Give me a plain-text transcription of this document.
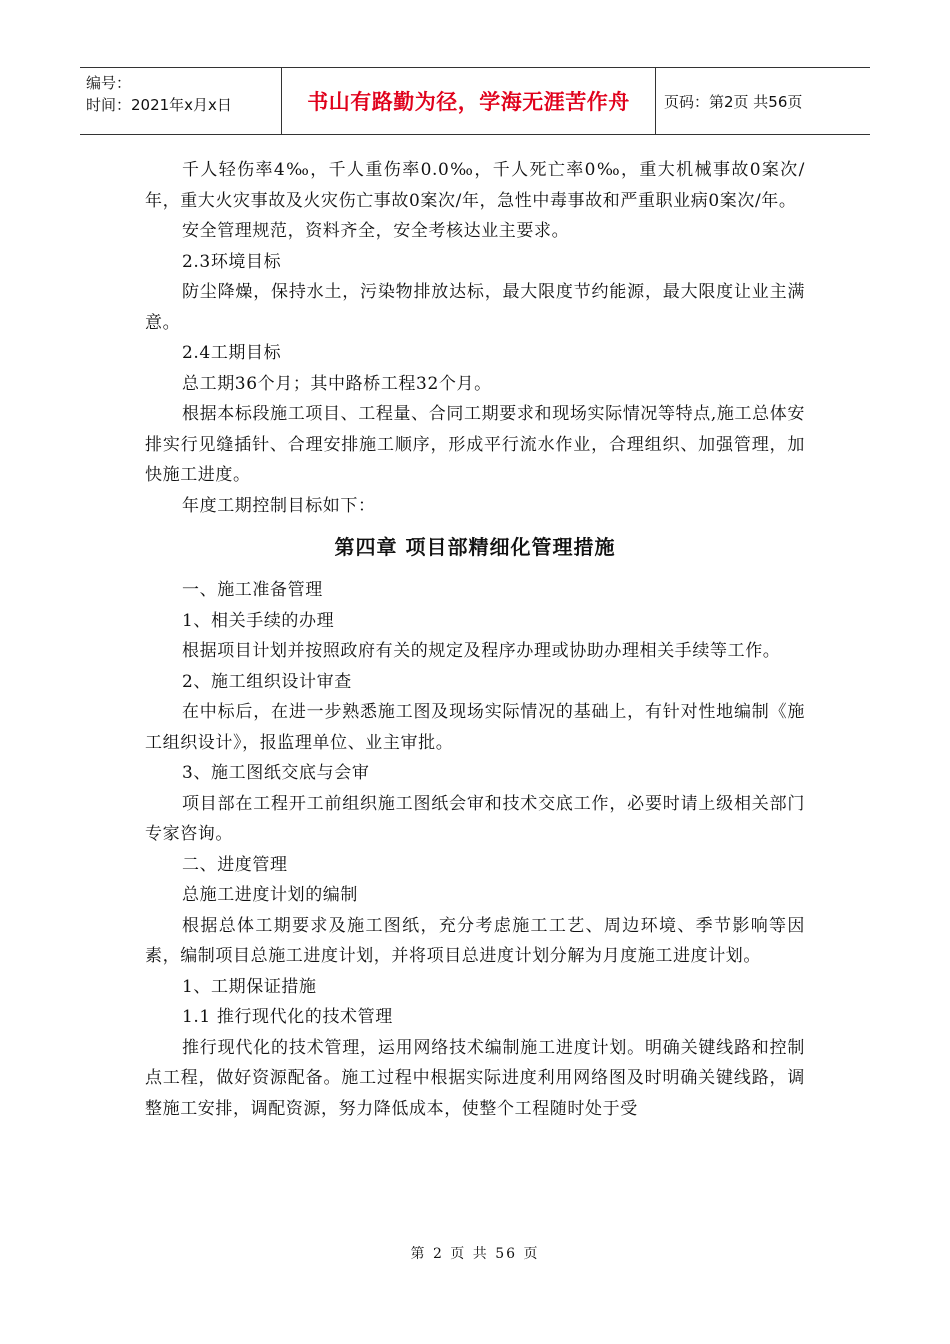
编号：
时间：2021年x月x日	书山有路勤为径，学海无涯苦作舟	页码：第2页 共56页

千人轻伤率4‰，千人重伤率0.0‰，千人死亡率0‰，重大机械事故0案次/年，重大火灾事故及火灾伤亡事故0案次/年，急性中毒事故和严重职业病0案次/年。

安全管理规范，资料齐全，安全考核达业主要求。

2.3环境目标

防尘降燥，保持水土，污染物排放达标，最大限度节约能源，最大限度让业主满意。

2.4工期目标

总工期36个月；其中路桥工程32个月。

根据本标段施工项目、工程量、合同工期要求和现场实际情况等特点,施工总体安排实行见缝插针、合理安排施工顺序，形成平行流水作业，合理组织、加强管理，加快施工进度。

年度工期控制目标如下：

第四章 项目部精细化管理措施

一、施工准备管理

1、相关手续的办理

根据项目计划并按照政府有关的规定及程序办理或协助办理相关手续等工作。

2、施工组织设计审查

在中标后，在进一步熟悉施工图及现场实际情况的基础上，有针对性地编制《施工组织设计》，报监理单位、业主审批。

3、施工图纸交底与会审

项目部在工程开工前组织施工图纸会审和技术交底工作，必要时请上级相关部门专家咨询。

二、进度管理

总施工进度计划的编制

根据总体工期要求及施工图纸，充分考虑施工工艺、周边环境、季节影响等因素，编制项目总施工进度计划，并将项目总进度计划分解为月度施工进度计划。

1、工期保证措施

1.1 推行现代化的技术管理

推行现代化的技术管理，运用网络技术编制施工进度计划。明确关键线路和控制点工程，做好资源配备。施工过程中根据实际进度利用网络图及时明确关键线路，调整施工安排，调配资源，努力降低成本，使整个工程随时处于受

第 2 页 共 56 页
